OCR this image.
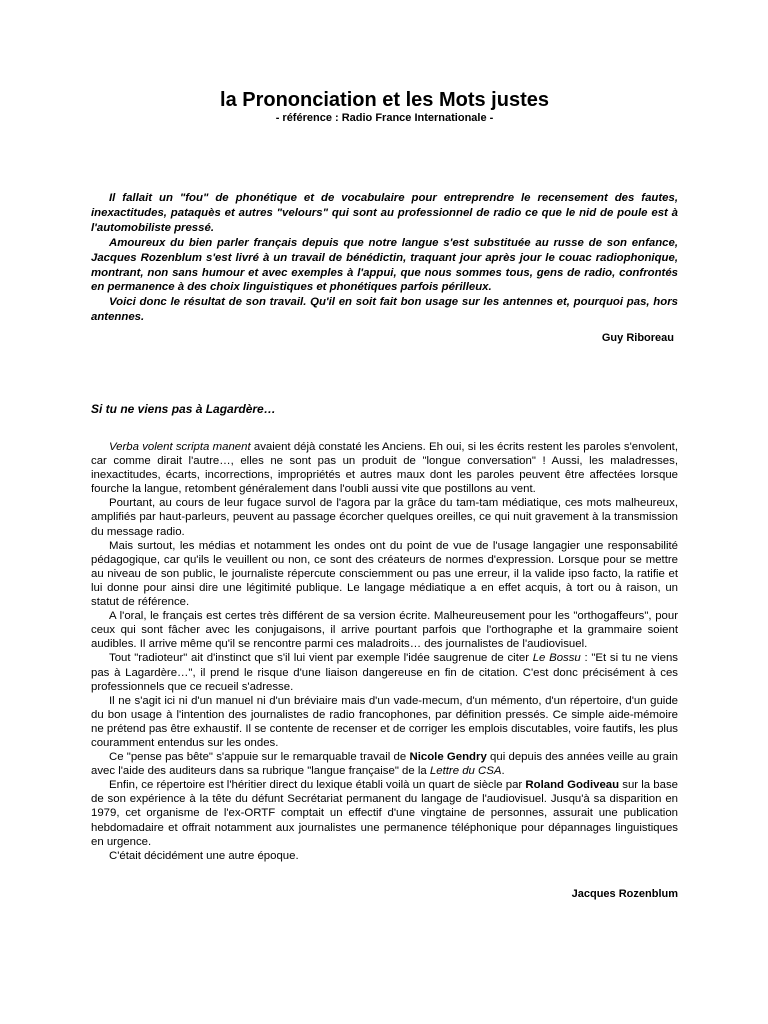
la Prononciation et les Mots justes
- référence : Radio France Internationale -

Il fallait un "fou" de phonétique et de vocabulaire pour entreprendre le recensement des fautes, inexactitudes, pataquès et autres "velours" qui sont au professionnel de radio ce que le nid de poule est à l'automobiliste pressé.

Amoureux du bien parler français depuis que notre langue s'est substituée au russe de son enfance, Jacques Rozenblum s'est livré à un travail de bénédictin, traquant jour après jour le couac radiophonique, montrant, non sans humour et avec exemples à l'appui, que nous sommes tous, gens de radio, confrontés en permanence à des choix linguistiques et phonétiques parfois périlleux.

Voici donc le résultat de son travail. Qu'il en soit fait bon usage sur les antennes et, pourquoi pas, hors antennes.

Guy Riboreau
Si tu ne viens pas à Lagardère…

Verba volent scripta manent avaient déjà constaté les Anciens. Eh oui, si les écrits restent les paroles s'envolent, car comme dirait l'autre…, elles ne sont pas un produit de "longue conversation" ! Aussi, les maladresses, inexactitudes, écarts, incorrections, impropriétés et autres maux dont les paroles peuvent être affectées lorsque fourche la langue, retombent généralement dans l'oubli aussi vite que postillons au vent.

Pourtant, au cours de leur fugace survol de l'agora par la grâce du tam-tam médiatique, ces mots malheureux, amplifiés par haut-parleurs, peuvent au passage écorcher quelques oreilles, ce qui nuit gravement à la transmission du message radio.

Mais surtout, les médias et notamment les ondes ont du point de vue de l'usage langagier une responsabilité pédagogique, car qu'ils le veuillent ou non, ce sont des créateurs de normes d'expression. Lorsque pour se mettre au niveau de son public, le journaliste répercute consciemment ou pas une erreur, il la valide ipso facto, la ratifie et lui donne pour ainsi dire une légitimité publique. Le langage médiatique a en effet acquis, à tort ou à raison, un statut de référence.

A l'oral, le français est certes très différent de sa version écrite. Malheureusement pour les "orthogaffeurs", pour ceux qui sont fâcher avec les conjugaisons, il arrive pourtant parfois que l'orthographe et la grammaire soient audibles. Il arrive même qu'il se rencontre parmi ces maladroits… des journalistes de l'audiovisuel.

Tout "radioteur" ait d'instinct que s'il lui vient par exemple l'idée saugrenue de citer Le Bossu : "Et si tu ne viens pas à Lagardère…", il prend le risque d'une liaison dangereuse en fin de citation. C'est donc précisément à ces professionnels que ce recueil s'adresse.

Il ne s'agit ici ni d'un manuel ni d'un bréviaire mais d'un vade-mecum, d'un mémento, d'un répertoire, d'un guide du bon usage à l'intention des journalistes de radio francophones, par définition pressés. Ce simple aide-mémoire ne prétend pas être exhaustif. Il se contente de recenser et de corriger les emplois discutables, voire fautifs, les plus couramment entendus sur les ondes.

Ce "pense pas bête" s'appuie sur le remarquable travail de Nicole Gendry qui depuis des années veille au grain avec l'aide des auditeurs dans sa rubrique "langue française" de la Lettre du CSA.

Enfin, ce répertoire est l'héritier direct du lexique établi voilà un quart de siècle par Roland Godiveau sur la base de son expérience à la tête du défunt Secrétariat permanent du langage de l'audiovisuel. Jusqu'à sa disparition en 1979, cet organisme de l'ex-ORTF comptait un effectif d'une vingtaine de personnes, assurait une publication hebdomadaire et offrait notamment aux journalistes une permanence téléphonique pour dépannages linguistiques en urgence.

C'était décidément une autre époque.

Jacques Rozenblum
